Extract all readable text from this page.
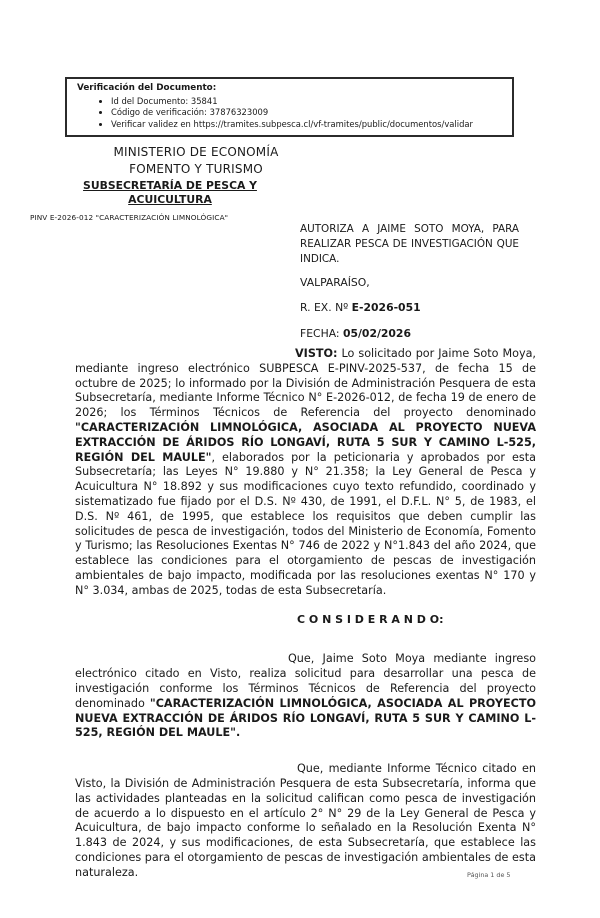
Verificación del Documento:
• Id del Documento: 35841
• Código de verificación: 37876323009
• Verificar validez en https://tramites.subpesca.cl/vf-tramites/public/documentos/validar
MINISTERIO DE ECONOMÍA
FOMENTO Y TURISMO
SUBSECRETARÍA DE PESCA Y
ACUICULTURA
PINV E-2026-012 "CARACTERIZACIÓN LIMNOLÓGICA"
AUTORIZA A JAIME SOTO MOYA, PARA REALIZAR PESCA DE INVESTIGACIÓN QUE INDICA.
VALPARAÍSO,
R. EX. Nº E-2026-051
FECHA: 05/02/2026

VISTO: Lo solicitado por Jaime Soto Moya, mediante ingreso electrónico SUBPESCA E-PINV-2025-537, de fecha 15 de octubre de 2025; lo informado por la División de Administración Pesquera de esta Subsecretaría, mediante Informe Técnico N° E-2026-012, de fecha 19 de enero de 2026; los Términos Técnicos de Referencia del proyecto denominado "CARACTERIZACIÓN LIMNOLÓGICA, ASOCIADA AL PROYECTO NUEVA EXTRACCIÓN DE ÁRIDOS RÍO LONGAVÍ, RUTA 5 SUR Y CAMINO L-525, REGIÓN DEL MAULE", elaborados por la peticionaria y aprobados por esta Subsecretaría; las Leyes N° 19.880 y N° 21.358; la Ley General de Pesca y Acuicultura N° 18.892 y sus modificaciones cuyo texto refundido, coordinado y sistematizado fue fijado por el D.S. Nº 430, de 1991, el D.F.L. N° 5, de 1983, el D.S. Nº 461, de 1995, que establece los requisitos que deben cumplir las solicitudes de pesca de investigación, todos del Ministerio de Economía, Fomento y Turismo; las Resoluciones Exentas N° 746 de 2022 y N°1.843 del año 2024, que establece las condiciones para el otorgamiento de pescas de investigación ambientales de bajo impacto, modificada por las resoluciones exentas N° 170 y N° 3.034, ambas de 2025, todas de esta Subsecretaría.

C O N S I D E R A N D O:

Que, Jaime Soto Moya mediante ingreso electrónico citado en Visto, realiza solicitud para desarrollar una pesca de investigación conforme los Términos Técnicos de Referencia del proyecto denominado "CARACTERIZACIÓN LIMNOLÓGICA, ASOCIADA AL PROYECTO NUEVA EXTRACCIÓN DE ÁRIDOS RÍO LONGAVÍ, RUTA 5 SUR Y CAMINO L-525, REGIÓN DEL MAULE".

Que, mediante Informe Técnico citado en Visto, la División de Administración Pesquera de esta Subsecretaría, informa que las actividades planteadas en la solicitud califican como pesca de investigación de acuerdo a lo dispuesto en el artículo 2° N° 29 de la Ley General de Pesca y Acuicultura, de bajo impacto conforme lo señalado en la Resolución Exenta N° 1.843 de 2024, y sus modificaciones, de esta Subsecretaría, que establece las condiciones para el otorgamiento de pescas de investigación ambientales de esta naturaleza.	Página 1 de 5
